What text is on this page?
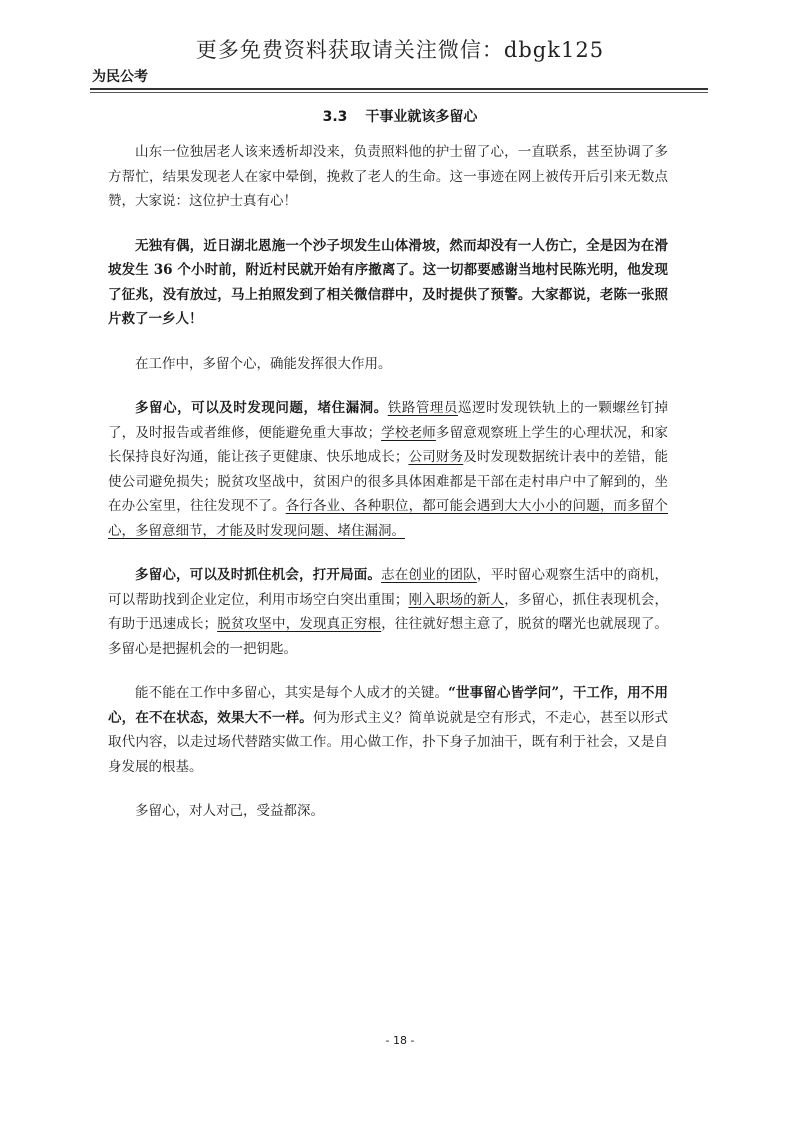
更多免费资料获取请关注微信：dbgk125
为民公考
3.3 干事业就该多留心

山东一位独居老人该来透析却没来，负责照料他的护士留了心，一直联系，甚至协调了多方帮忙，结果发现老人在家中晕倒，挽救了老人的生命。这一事迹在网上被传开后引来无数点赞，大家说：这位护士真有心！

无独有偶，近日湖北恩施一个沙子坝发生山体滑坡，然而却没有一人伤亡，全是因为在滑坡发生 36 个小时前，附近村民就开始有序撤离了。这一切都要感谢当地村民陈光明，他发现了征兆，没有放过，马上拍照发到了相关微信群中，及时提供了预警。大家都说，老陈一张照片救了一乡人！

在工作中，多留个心，确能发挥很大作用。

多留心，可以及时发现问题，堵住漏洞。铁路管理员巡逻时发现铁轨上的一颗螺丝钉掉了，及时报告或者维修，便能避免重大事故；学校老师多留意观察班上学生的心理状况，和家长保持良好沟通，能让孩子更健康、快乐地成长；公司财务及时发现数据统计表中的差错，能使公司避免损失；脱贫攻坚战中，贫困户的很多具体困难都是干部在走村串户中了解到的，坐在办公室里，往往发现不了。各行各业、各种职位，都可能会遇到大大小小的问题，而多留个心，多留意细节，才能及时发现问题、堵住漏洞。

多留心，可以及时抓住机会，打开局面。志在创业的团队，平时留心观察生活中的商机，可以帮助找到企业定位，利用市场空白突出重围；刚入职场的新人，多留心，抓住表现机会，有助于迅速成长；脱贫攻坚中，发现真正穷根，往往就好想主意了，脱贫的曙光也就展现了。多留心是把握机会的一把钥匙。

能不能在工作中多留心，其实是每个人成才的关键。“世事留心皆学问”，干工作，用不用心，在不在状态，效果大不一样。何为形式主义？简单说就是空有形式，不走心，甚至以形式取代内容，以走过场代替踏实做工作。用心做工作，扑下身子加油干，既有利于社会，又是自身发展的根基。

多留心，对人对己，受益都深。

- 18 -
